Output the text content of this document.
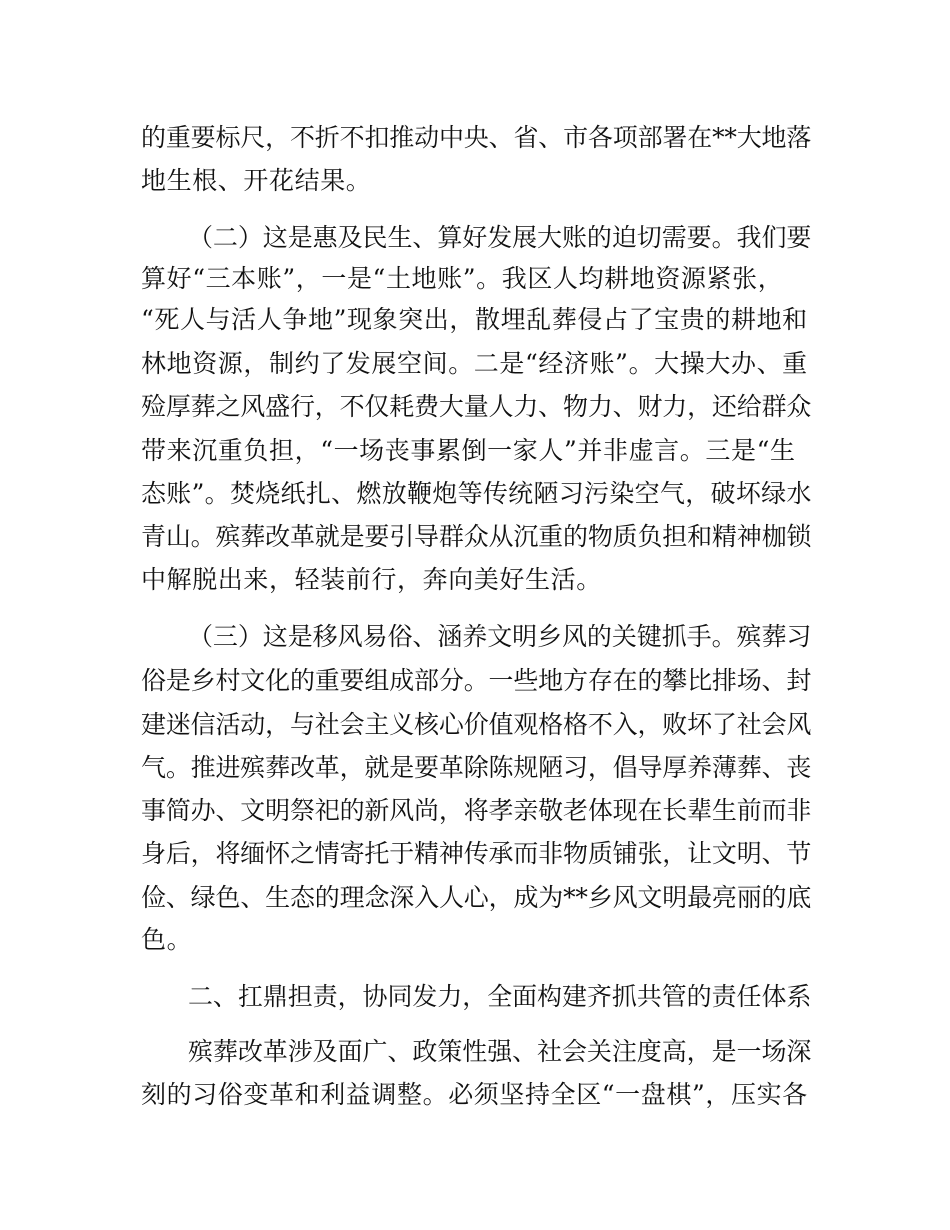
的重要标尺，不折不扣推动中央、省、市各项部署在**大地落
地生根、开花结果。
（二）这是惠及民生、算好发展大账的迫切需要。我们要
算好“三本账”，一是“土地账”。我区人均耕地资源紧张，
“死人与活人争地”现象突出，散埋乱葬侵占了宝贵的耕地和
林地资源，制约了发展空间。二是“经济账”。大操大办、重
殓厚葬之风盛行，不仅耗费大量人力、物力、财力，还给群众
带来沉重负担，“一场丧事累倒一家人”并非虚言。三是“生
态账”。焚烧纸扎、燃放鞭炮等传统陋习污染空气，破坏绿水
青山。殡葬改革就是要引导群众从沉重的物质负担和精神枷锁
中解脱出来，轻装前行，奔向美好生活。
（三）这是移风易俗、涵养文明乡风的关键抓手。殡葬习
俗是乡村文化的重要组成部分。一些地方存在的攀比排场、封
建迷信活动，与社会主义核心价值观格格不入，败坏了社会风
气。推进殡葬改革，就是要革除陈规陋习，倡导厚养薄葬、丧
事简办、文明祭祀的新风尚，将孝亲敬老体现在长辈生前而非
身后，将缅怀之情寄托于精神传承而非物质铺张，让文明、节
俭、绿色、生态的理念深入人心，成为**乡风文明最亮丽的底
色。
二、扛鼎担责，协同发力，全面构建齐抓共管的责任体系
殡葬改革涉及面广、政策性强、社会关注度高，是一场深
刻的习俗变革和利益调整。必须坚持全区“一盘棋”，压实各
